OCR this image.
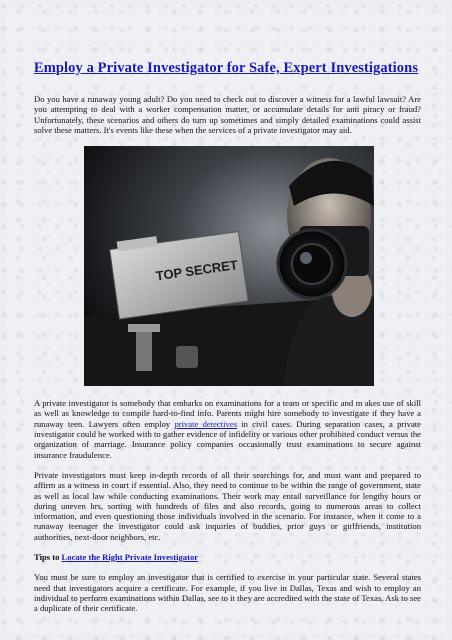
Employ a Private Investigator for Safe, Expert Investigations

Do you have a runaway young adult? Do you need to check out to discover a witness for a lawful lawsuit? Are you attempting to deal with a worker compensation matter, or accumulate details for anti piracy or fraud? Unfortunately, these scenarios and others do turn up sometimes and simply detailed examinations could assist solve these matters. It's events like these when the services of a private investigator may aid.

TOP SECRET

A private investigator is somebody that embarks on examinations for a team or specific and m akes use of skill as well as knowledge to compile hard-to-find info. Parents might hire somebody to investigate if they have a runaway teen. Lawyers often employ private detectives in civil cases. During separation cases, a private investigator could be worked with to gather evidence of infidelity or various other prohibited conduct versus the organization of marriage. Insurance policy companies occasionally trust examinations to secure against insurance fraudulence.

Private investigators must keep in-depth records of all their searchings for, and must want and prepared to affirm as a witness in court if essential. Also, they need to continue to be within the range of government, state as well as local law while conducting examinations. Their work may entail surveillance for lengthy hours or during uneven hrs, sorting with hundreds of files and also records, going to numerous areas to collect information, and even questioning those individuals involved in the scenario. For instance, when it come to a runaway teenager the investigator could ask inquiries of buddies, prior guys or girlfriends, institution authorities, next-door neighbors, etc.

Tips to Locate the Right Private Investigator

You must be sure to employ an investigator that is certified to exercise in your particular state. Several states need that investigators acquire a certificate. For example, if you live in Dallas, Texas and wish to employ an individual to perform examinations within Dallas, see to it they are accredited with the state of Texas. Ask to see a duplicate of their certificate.
